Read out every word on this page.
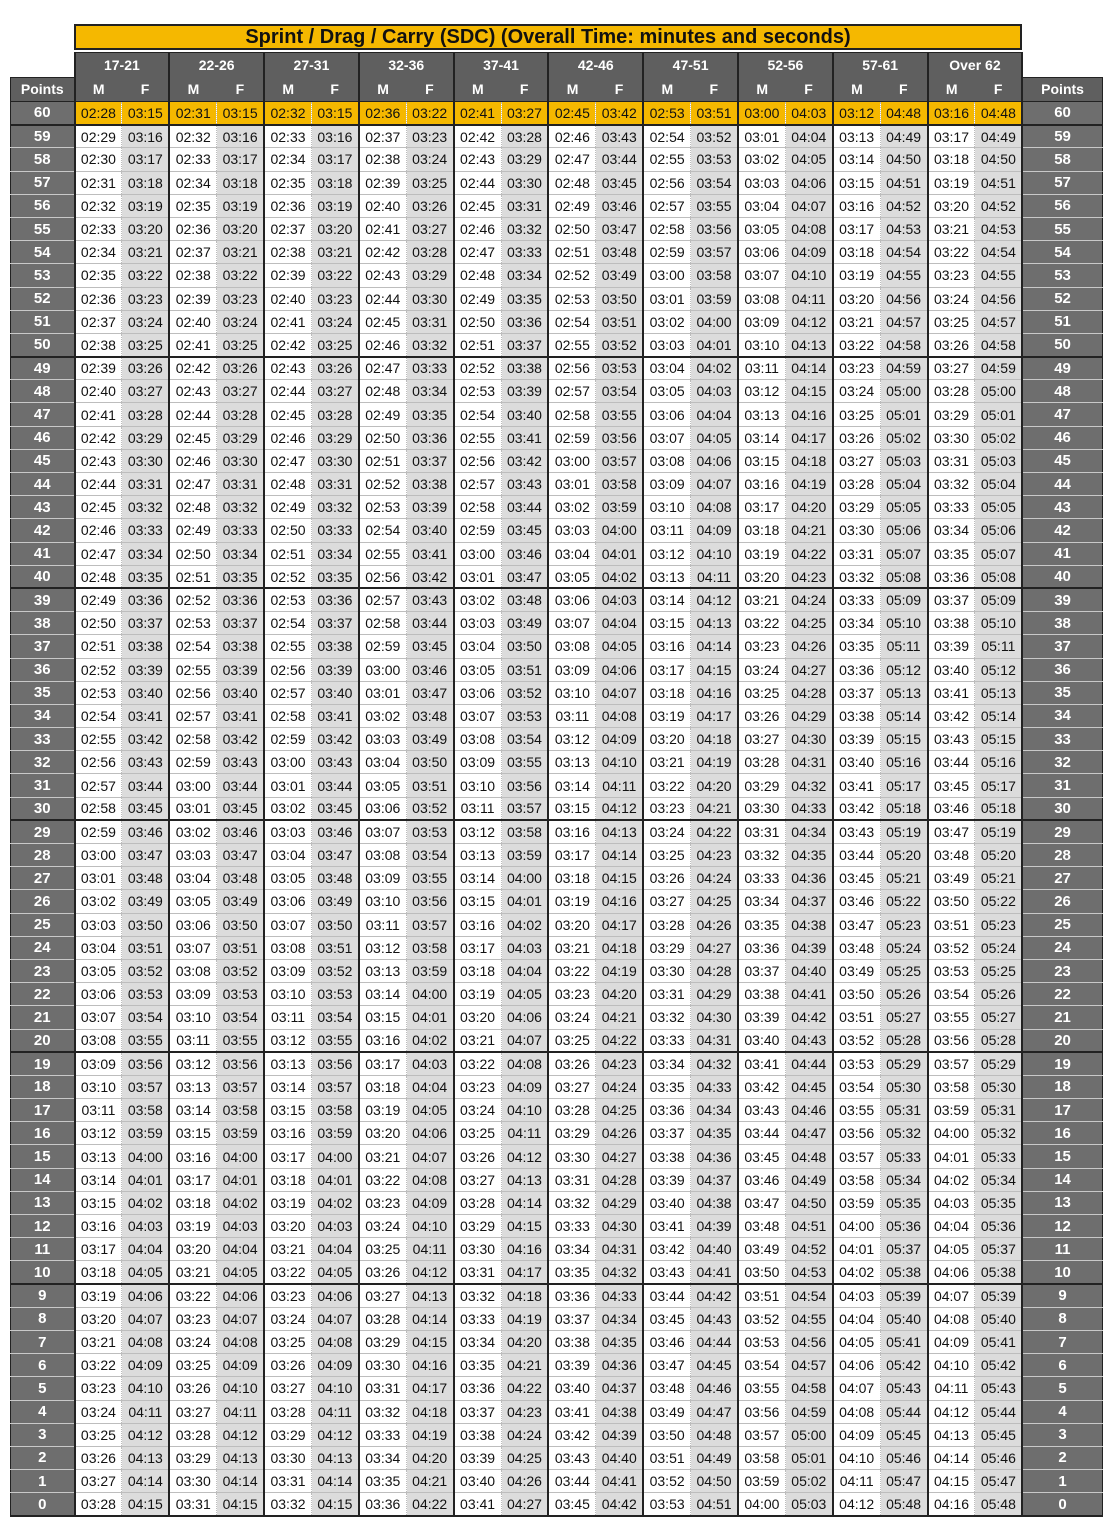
Sprint / Drag / Carry (SDC) (Overall Time: minutes and seconds)
	17-21		22-26		27-31		32-36		37-41		42-46		47-51		52-56		57-61		Over 62		
Points	M	F	M	F	M	F	M	F	M	F	M	F	M	F	M	F	M	F	M	F	Points
60	02:28	03:15	02:31	03:15	02:32	03:15	02:36	03:22	02:41	03:27	02:45	03:42	02:53	03:51	03:00	04:03	03:12	04:48	03:16	04:48	60
59	02:29	03:16	02:32	03:16	02:33	03:16	02:37	03:23	02:42	03:28	02:46	03:43	02:54	03:52	03:01	04:04	03:13	04:49	03:17	04:49	59
58	02:30	03:17	02:33	03:17	02:34	03:17	02:38	03:24	02:43	03:29	02:47	03:44	02:55	03:53	03:02	04:05	03:14	04:50	03:18	04:50	58
57	02:31	03:18	02:34	03:18	02:35	03:18	02:39	03:25	02:44	03:30	02:48	03:45	02:56	03:54	03:03	04:06	03:15	04:51	03:19	04:51	57
56	02:32	03:19	02:35	03:19	02:36	03:19	02:40	03:26	02:45	03:31	02:49	03:46	02:57	03:55	03:04	04:07	03:16	04:52	03:20	04:52	56
55	02:33	03:20	02:36	03:20	02:37	03:20	02:41	03:27	02:46	03:32	02:50	03:47	02:58	03:56	03:05	04:08	03:17	04:53	03:21	04:53	55
54	02:34	03:21	02:37	03:21	02:38	03:21	02:42	03:28	02:47	03:33	02:51	03:48	02:59	03:57	03:06	04:09	03:18	04:54	03:22	04:54	54
53	02:35	03:22	02:38	03:22	02:39	03:22	02:43	03:29	02:48	03:34	02:52	03:49	03:00	03:58	03:07	04:10	03:19	04:55	03:23	04:55	53
52	02:36	03:23	02:39	03:23	02:40	03:23	02:44	03:30	02:49	03:35	02:53	03:50	03:01	03:59	03:08	04:11	03:20	04:56	03:24	04:56	52
51	02:37	03:24	02:40	03:24	02:41	03:24	02:45	03:31	02:50	03:36	02:54	03:51	03:02	04:00	03:09	04:12	03:21	04:57	03:25	04:57	51
50	02:38	03:25	02:41	03:25	02:42	03:25	02:46	03:32	02:51	03:37	02:55	03:52	03:03	04:01	03:10	04:13	03:22	04:58	03:26	04:58	50
49	02:39	03:26	02:42	03:26	02:43	03:26	02:47	03:33	02:52	03:38	02:56	03:53	03:04	04:02	03:11	04:14	03:23	04:59	03:27	04:59	49
48	02:40	03:27	02:43	03:27	02:44	03:27	02:48	03:34	02:53	03:39	02:57	03:54	03:05	04:03	03:12	04:15	03:24	05:00	03:28	05:00	48
47	02:41	03:28	02:44	03:28	02:45	03:28	02:49	03:35	02:54	03:40	02:58	03:55	03:06	04:04	03:13	04:16	03:25	05:01	03:29	05:01	47
46	02:42	03:29	02:45	03:29	02:46	03:29	02:50	03:36	02:55	03:41	02:59	03:56	03:07	04:05	03:14	04:17	03:26	05:02	03:30	05:02	46
45	02:43	03:30	02:46	03:30	02:47	03:30	02:51	03:37	02:56	03:42	03:00	03:57	03:08	04:06	03:15	04:18	03:27	05:03	03:31	05:03	45
44	02:44	03:31	02:47	03:31	02:48	03:31	02:52	03:38	02:57	03:43	03:01	03:58	03:09	04:07	03:16	04:19	03:28	05:04	03:32	05:04	44
43	02:45	03:32	02:48	03:32	02:49	03:32	02:53	03:39	02:58	03:44	03:02	03:59	03:10	04:08	03:17	04:20	03:29	05:05	03:33	05:05	43
42	02:46	03:33	02:49	03:33	02:50	03:33	02:54	03:40	02:59	03:45	03:03	04:00	03:11	04:09	03:18	04:21	03:30	05:06	03:34	05:06	42
41	02:47	03:34	02:50	03:34	02:51	03:34	02:55	03:41	03:00	03:46	03:04	04:01	03:12	04:10	03:19	04:22	03:31	05:07	03:35	05:07	41
40	02:48	03:35	02:51	03:35	02:52	03:35	02:56	03:42	03:01	03:47	03:05	04:02	03:13	04:11	03:20	04:23	03:32	05:08	03:36	05:08	40
39	02:49	03:36	02:52	03:36	02:53	03:36	02:57	03:43	03:02	03:48	03:06	04:03	03:14	04:12	03:21	04:24	03:33	05:09	03:37	05:09	39
38	02:50	03:37	02:53	03:37	02:54	03:37	02:58	03:44	03:03	03:49	03:07	04:04	03:15	04:13	03:22	04:25	03:34	05:10	03:38	05:10	38
37	02:51	03:38	02:54	03:38	02:55	03:38	02:59	03:45	03:04	03:50	03:08	04:05	03:16	04:14	03:23	04:26	03:35	05:11	03:39	05:11	37
36	02:52	03:39	02:55	03:39	02:56	03:39	03:00	03:46	03:05	03:51	03:09	04:06	03:17	04:15	03:24	04:27	03:36	05:12	03:40	05:12	36
35	02:53	03:40	02:56	03:40	02:57	03:40	03:01	03:47	03:06	03:52	03:10	04:07	03:18	04:16	03:25	04:28	03:37	05:13	03:41	05:13	35
34	02:54	03:41	02:57	03:41	02:58	03:41	03:02	03:48	03:07	03:53	03:11	04:08	03:19	04:17	03:26	04:29	03:38	05:14	03:42	05:14	34
33	02:55	03:42	02:58	03:42	02:59	03:42	03:03	03:49	03:08	03:54	03:12	04:09	03:20	04:18	03:27	04:30	03:39	05:15	03:43	05:15	33
32	02:56	03:43	02:59	03:43	03:00	03:43	03:04	03:50	03:09	03:55	03:13	04:10	03:21	04:19	03:28	04:31	03:40	05:16	03:44	05:16	32
31	02:57	03:44	03:00	03:44	03:01	03:44	03:05	03:51	03:10	03:56	03:14	04:11	03:22	04:20	03:29	04:32	03:41	05:17	03:45	05:17	31
30	02:58	03:45	03:01	03:45	03:02	03:45	03:06	03:52	03:11	03:57	03:15	04:12	03:23	04:21	03:30	04:33	03:42	05:18	03:46	05:18	30
29	02:59	03:46	03:02	03:46	03:03	03:46	03:07	03:53	03:12	03:58	03:16	04:13	03:24	04:22	03:31	04:34	03:43	05:19	03:47	05:19	29
28	03:00	03:47	03:03	03:47	03:04	03:47	03:08	03:54	03:13	03:59	03:17	04:14	03:25	04:23	03:32	04:35	03:44	05:20	03:48	05:20	28
27	03:01	03:48	03:04	03:48	03:05	03:48	03:09	03:55	03:14	04:00	03:18	04:15	03:26	04:24	03:33	04:36	03:45	05:21	03:49	05:21	27
26	03:02	03:49	03:05	03:49	03:06	03:49	03:10	03:56	03:15	04:01	03:19	04:16	03:27	04:25	03:34	04:37	03:46	05:22	03:50	05:22	26
25	03:03	03:50	03:06	03:50	03:07	03:50	03:11	03:57	03:16	04:02	03:20	04:17	03:28	04:26	03:35	04:38	03:47	05:23	03:51	05:23	25
24	03:04	03:51	03:07	03:51	03:08	03:51	03:12	03:58	03:17	04:03	03:21	04:18	03:29	04:27	03:36	04:39	03:48	05:24	03:52	05:24	24
23	03:05	03:52	03:08	03:52	03:09	03:52	03:13	03:59	03:18	04:04	03:22	04:19	03:30	04:28	03:37	04:40	03:49	05:25	03:53	05:25	23
22	03:06	03:53	03:09	03:53	03:10	03:53	03:14	04:00	03:19	04:05	03:23	04:20	03:31	04:29	03:38	04:41	03:50	05:26	03:54	05:26	22
21	03:07	03:54	03:10	03:54	03:11	03:54	03:15	04:01	03:20	04:06	03:24	04:21	03:32	04:30	03:39	04:42	03:51	05:27	03:55	05:27	21
20	03:08	03:55	03:11	03:55	03:12	03:55	03:16	04:02	03:21	04:07	03:25	04:22	03:33	04:31	03:40	04:43	03:52	05:28	03:56	05:28	20
19	03:09	03:56	03:12	03:56	03:13	03:56	03:17	04:03	03:22	04:08	03:26	04:23	03:34	04:32	03:41	04:44	03:53	05:29	03:57	05:29	19
18	03:10	03:57	03:13	03:57	03:14	03:57	03:18	04:04	03:23	04:09	03:27	04:24	03:35	04:33	03:42	04:45	03:54	05:30	03:58	05:30	18
17	03:11	03:58	03:14	03:58	03:15	03:58	03:19	04:05	03:24	04:10	03:28	04:25	03:36	04:34	03:43	04:46	03:55	05:31	03:59	05:31	17
16	03:12	03:59	03:15	03:59	03:16	03:59	03:20	04:06	03:25	04:11	03:29	04:26	03:37	04:35	03:44	04:47	03:56	05:32	04:00	05:32	16
15	03:13	04:00	03:16	04:00	03:17	04:00	03:21	04:07	03:26	04:12	03:30	04:27	03:38	04:36	03:45	04:48	03:57	05:33	04:01	05:33	15
14	03:14	04:01	03:17	04:01	03:18	04:01	03:22	04:08	03:27	04:13	03:31	04:28	03:39	04:37	03:46	04:49	03:58	05:34	04:02	05:34	14
13	03:15	04:02	03:18	04:02	03:19	04:02	03:23	04:09	03:28	04:14	03:32	04:29	03:40	04:38	03:47	04:50	03:59	05:35	04:03	05:35	13
12	03:16	04:03	03:19	04:03	03:20	04:03	03:24	04:10	03:29	04:15	03:33	04:30	03:41	04:39	03:48	04:51	04:00	05:36	04:04	05:36	12
11	03:17	04:04	03:20	04:04	03:21	04:04	03:25	04:11	03:30	04:16	03:34	04:31	03:42	04:40	03:49	04:52	04:01	05:37	04:05	05:37	11
10	03:18	04:05	03:21	04:05	03:22	04:05	03:26	04:12	03:31	04:17	03:35	04:32	03:43	04:41	03:50	04:53	04:02	05:38	04:06	05:38	10
9	03:19	04:06	03:22	04:06	03:23	04:06	03:27	04:13	03:32	04:18	03:36	04:33	03:44	04:42	03:51	04:54	04:03	05:39	04:07	05:39	9
8	03:20	04:07	03:23	04:07	03:24	04:07	03:28	04:14	03:33	04:19	03:37	04:34	03:45	04:43	03:52	04:55	04:04	05:40	04:08	05:40	8
7	03:21	04:08	03:24	04:08	03:25	04:08	03:29	04:15	03:34	04:20	03:38	04:35	03:46	04:44	03:53	04:56	04:05	05:41	04:09	05:41	7
6	03:22	04:09	03:25	04:09	03:26	04:09	03:30	04:16	03:35	04:21	03:39	04:36	03:47	04:45	03:54	04:57	04:06	05:42	04:10	05:42	6
5	03:23	04:10	03:26	04:10	03:27	04:10	03:31	04:17	03:36	04:22	03:40	04:37	03:48	04:46	03:55	04:58	04:07	05:43	04:11	05:43	5
4	03:24	04:11	03:27	04:11	03:28	04:11	03:32	04:18	03:37	04:23	03:41	04:38	03:49	04:47	03:56	04:59	04:08	05:44	04:12	05:44	4
3	03:25	04:12	03:28	04:12	03:29	04:12	03:33	04:19	03:38	04:24	03:42	04:39	03:50	04:48	03:57	05:00	04:09	05:45	04:13	05:45	3
2	03:26	04:13	03:29	04:13	03:30	04:13	03:34	04:20	03:39	04:25	03:43	04:40	03:51	04:49	03:58	05:01	04:10	05:46	04:14	05:46	2
1	03:27	04:14	03:30	04:14	03:31	04:14	03:35	04:21	03:40	04:26	03:44	04:41	03:52	04:50	03:59	05:02	04:11	05:47	04:15	05:47	1
0	03:28	04:15	03:31	04:15	03:32	04:15	03:36	04:22	03:41	04:27	03:45	04:42	03:53	04:51	04:00	05:03	04:12	05:48	04:16	05:48	0
